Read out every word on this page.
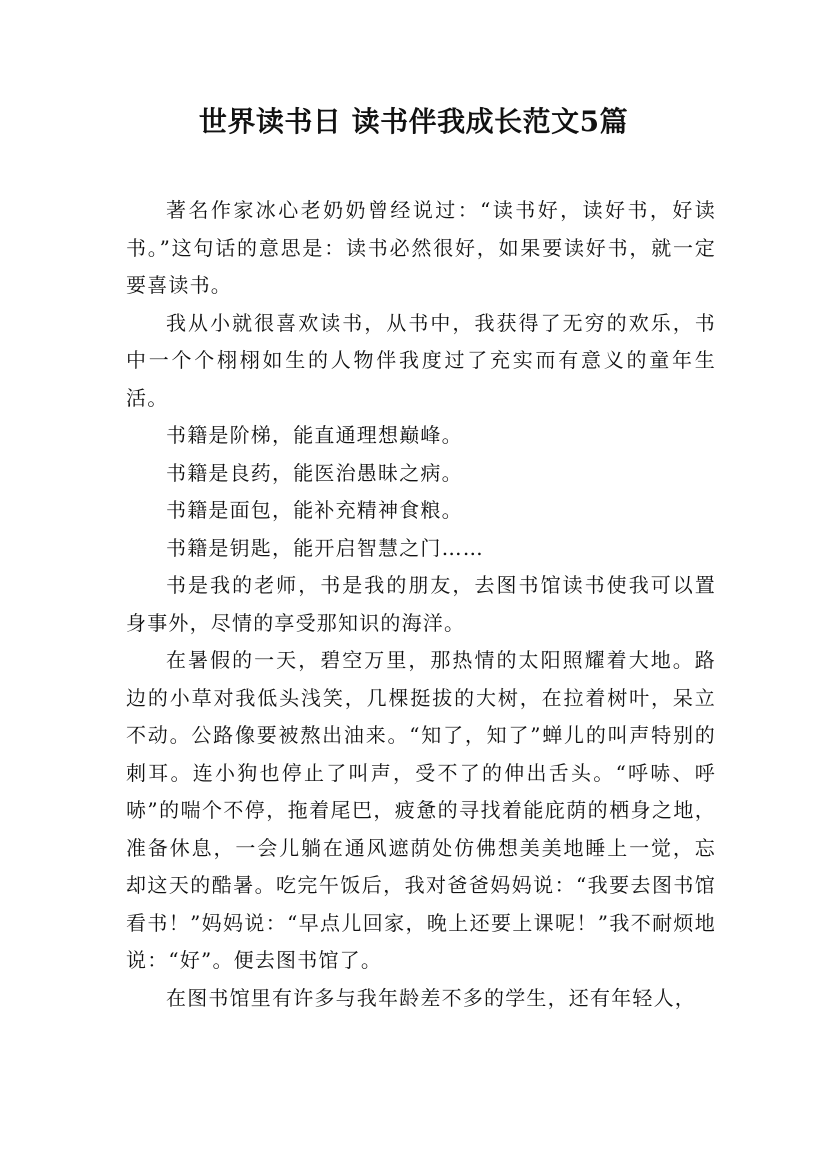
世界读书日 读书伴我成长范文5篇

著名作家冰心老奶奶曾经说过：“读书好，读好书，好读书。”这句话的意思是：读书必然很好，如果要读好书，就一定要喜读书。

我从小就很喜欢读书，从书中，我获得了无穷的欢乐，书中一个个栩栩如生的人物伴我度过了充实而有意义的童年生活。

书籍是阶梯，能直通理想巅峰。

书籍是良药，能医治愚昧之病。

书籍是面包，能补充精神食粮。

书籍是钥匙，能开启智慧之门……

书是我的老师，书是我的朋友，去图书馆读书使我可以置身事外，尽情的享受那知识的海洋。

在暑假的一天，碧空万里，那热情的太阳照耀着大地。路边的小草对我低头浅笑，几棵挺拔的大树，在拉着树叶，呆立不动。公路像要被熬出油来。“知了，知了”蝉儿的叫声特别的刺耳。连小狗也停止了叫声，受不了的伸出舌头。“呼哧、呼哧”的喘个不停，拖着尾巴，疲惫的寻找着能庇荫的栖身之地，准备休息，一会儿躺在通风遮荫处仿佛想美美地睡上一觉，忘却这天的酷暑。吃完午饭后，我对爸爸妈妈说：“我要去图书馆看书！”妈妈说：“早点儿回家，晚上还要上课呢！”我不耐烦地说：“好”。便去图书馆了。

在图书馆里有许多与我年龄差不多的学生，还有年轻人，
